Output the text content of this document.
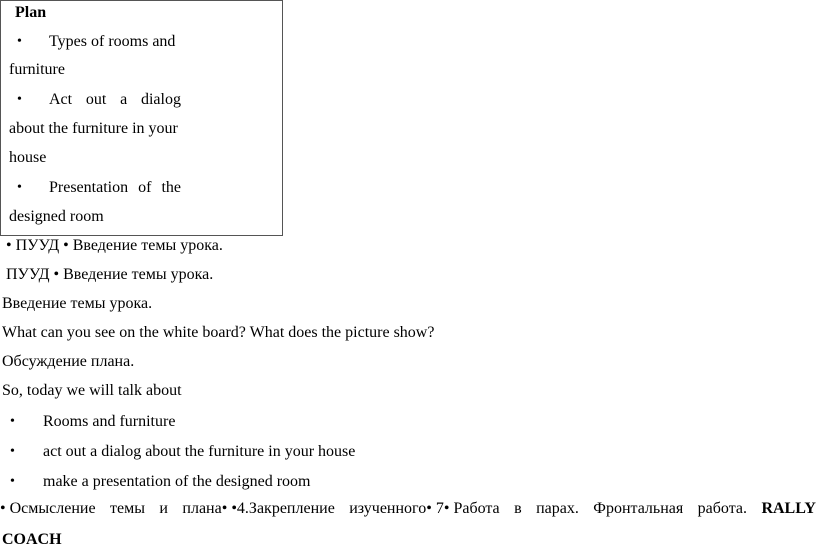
Plan
• Types of rooms and
furniture
• Act out a dialog
about the furniture in your
house
• Presentation of the
designed room
• ПУУД • Введение темы урока.
ПУУД • Введение темы урока.
Введение темы урока.
What can you see on the white board? What does the picture show?
Обсуждение плана.
So, today we will talk about
• Rooms and furniture
• act out a dialog about the furniture in your house
• make a presentation of the designed room
• Осмысление темы и плана• •4.Закрепление изученного• 7• Работа в парах. Фронтальная работа. RALLY
COACH
